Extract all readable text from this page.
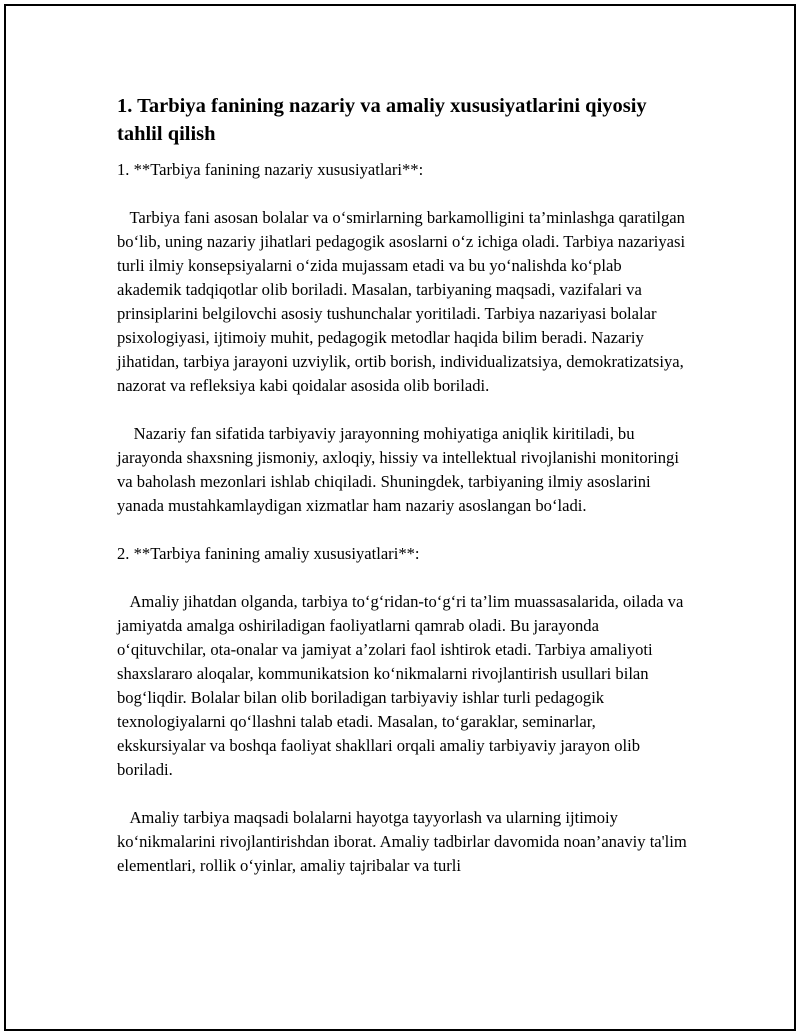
1. Tarbiya fanining nazariy va amaliy xususiyatlarini qiyosiy tahlil qilish

1. **Tarbiya fanining nazariy xususiyatlari**:

Tarbiya fani asosan bolalar va o‘smirlarning barkamolligini ta’minlashga qaratilgan bo‘lib, uning nazariy jihatlari pedagogik asoslarni o‘z ichiga oladi. Tarbiya nazariyasi turli ilmiy konsepsiyalarni o‘zida mujassam etadi va bu yo‘nalishda ko‘plab akademik tadqiqotlar olib boriladi. Masalan, tarbiyaning maqsadi, vazifalari va prinsiplarini belgilovchi asosiy tushunchalar yoritiladi. Tarbiya nazariyasi bolalar psixologiyasi, ijtimoiy muhit, pedagogik metodlar haqida bilim beradi. Nazariy jihatidan, tarbiya jarayoni uzviylik, ortib borish, individualizatsiya, demokratizatsiya,  nazorat va refleksiya kabi qoidalar asosida olib boriladi.

Nazariy fan sifatida tarbiyaviy jarayonning mohiyatiga aniqlik kiritiladi, bu jarayonda shaxsning jismoniy, axloqiy, hissiy va intellektual rivojlanishi monitoringi va baholash mezonlari ishlab chiqiladi. Shuningdek, tarbiyaning ilmiy asoslarini yanada mustahkamlaydigan xizmatlar ham nazariy asoslangan bo‘ladi.

2. **Tarbiya fanining amaliy xususiyatlari**:

Amaliy jihatdan olganda, tarbiya to‘g‘ridan-to‘g‘ri ta’lim muassasalarida, oilada va jamiyatda amalga oshiriladigan faoliyatlarni qamrab oladi. Bu jarayonda o‘qituvchilar, ota-onalar va jamiyat a’zolari faol ishtirok etadi. Tarbiya amaliyoti shaxslararo aloqalar, kommunikatsion ko‘nikmalarni rivojlantirish usullari bilan bog‘liqdir. Bolalar bilan olib boriladigan tarbiyaviy ishlar turli pedagogik texnologiyalarni qo‘llashni talab etadi. Masalan, to‘garaklar, seminarlar, ekskursiyalar va boshqa faoliyat shakllari orqali amaliy tarbiyaviy jarayon olib boriladi.

Amaliy tarbiya maqsadi bolalarni hayotga tayyorlash va ularning ijtimoiy ko‘nikmalarini rivojlantirishdan iborat. Amaliy tadbirlar davomida noan’anaviy ta'lim elementlari, rollik o‘yinlar, amaliy tajribalar va turli
